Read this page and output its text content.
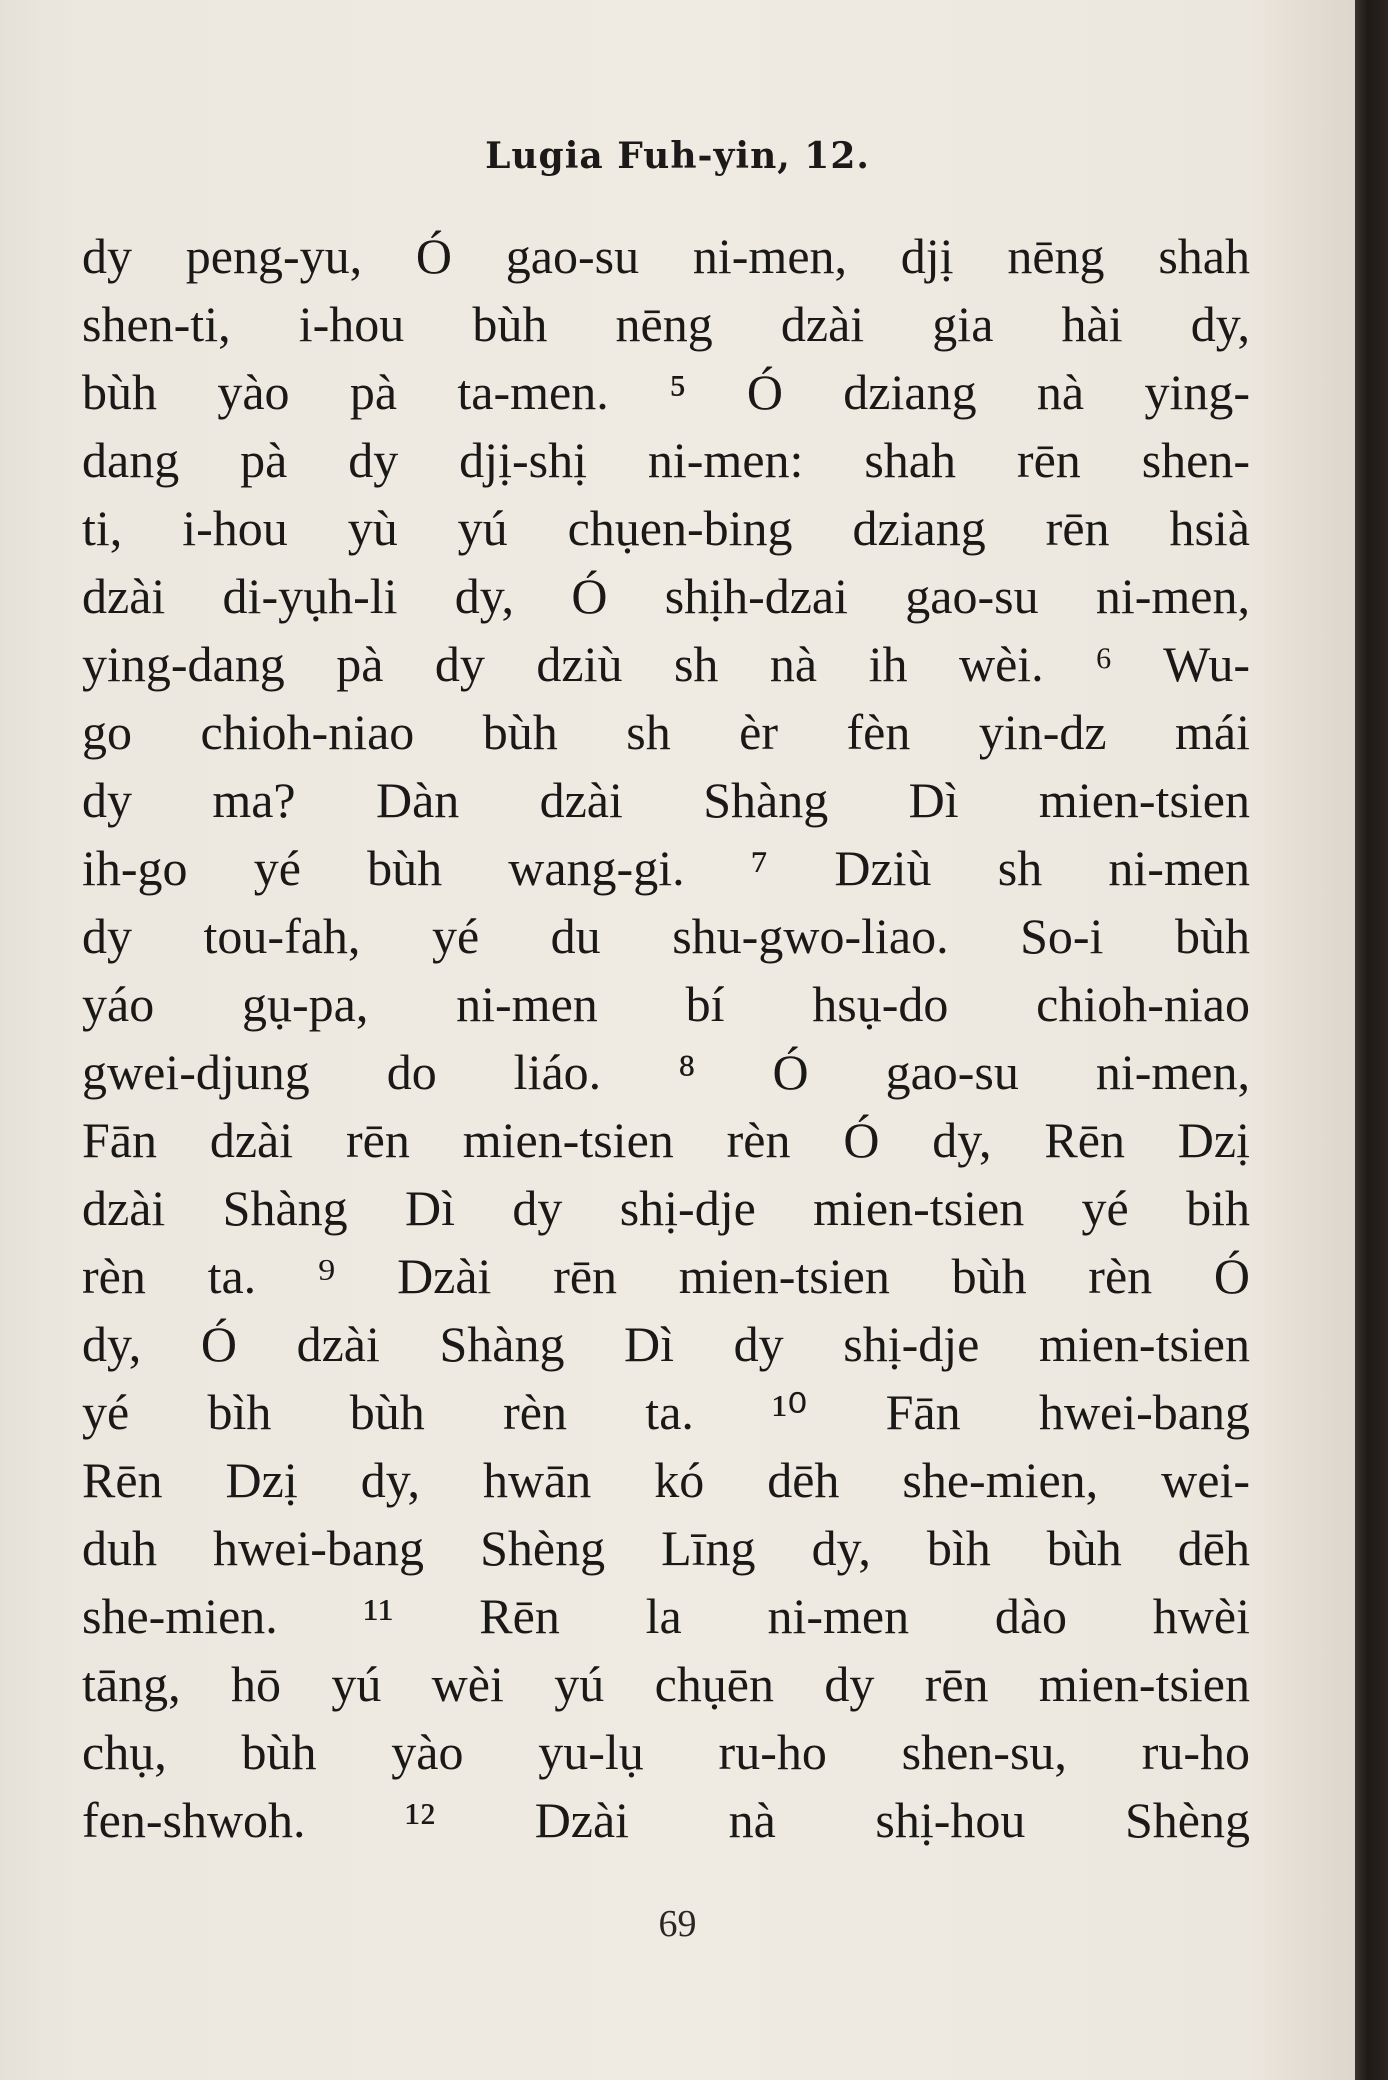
Lugia Fuh-yin, 12.
dy peng-yu, Ó gao-su ni-men, djị nēng shah
shen-ti, i-hou bùh nēng dzài gia hài dy,
bùh yào pà ta-men. ⁵ Ó dziang nà ying-
dang pà dy djị-shị ni-men: shah rēn shen-
ti, i-hou yù yú chụen-bing dziang rēn hsià
dzài di-yụh-li dy, Ó shịh-dzai gao-su ni-men,
ying-dang pà dy dziù sh nà ih wèi. ⁶ Wu-
go chioh-niao bùh sh èr fèn yin-dz mái
dy ma? Dàn dzài Shàng Dì mien-tsien
ih-go yé bùh wang-gi. ⁷ Dziù sh ni-men
dy tou-fah, yé du shu-gwo-liao. So-i bùh
yáo gụ-pa, ni-men bí hsụ-do chioh-niao
gwei-djung do liáo. ⁸ Ó gao-su ni-men,
Fān dzài rēn mien-tsien rèn Ó dy, Rēn Dzị
dzài Shàng Dì dy shị-dje mien-tsien yé bih
rèn ta. ⁹ Dzài rēn mien-tsien bùh rèn Ó
dy, Ó dzài Shàng Dì dy shị-dje mien-tsien
yé bìh bùh rèn ta. ¹⁰ Fān hwei-bang
Rēn Dzị dy, hwān kó dēh she-mien, wei-
duh hwei-bang Shèng Līng dy, bìh bùh dēh
she-mien. ¹¹ Rēn la ni-men dào hwèi
tāng, hō yú wèi yú chụēn dy rēn mien-tsien
chụ, bùh yào yu-lụ ru-ho shen-su, ru-ho
fen-shwoh. ¹² Dzài nà shị-hou Shèng
69
